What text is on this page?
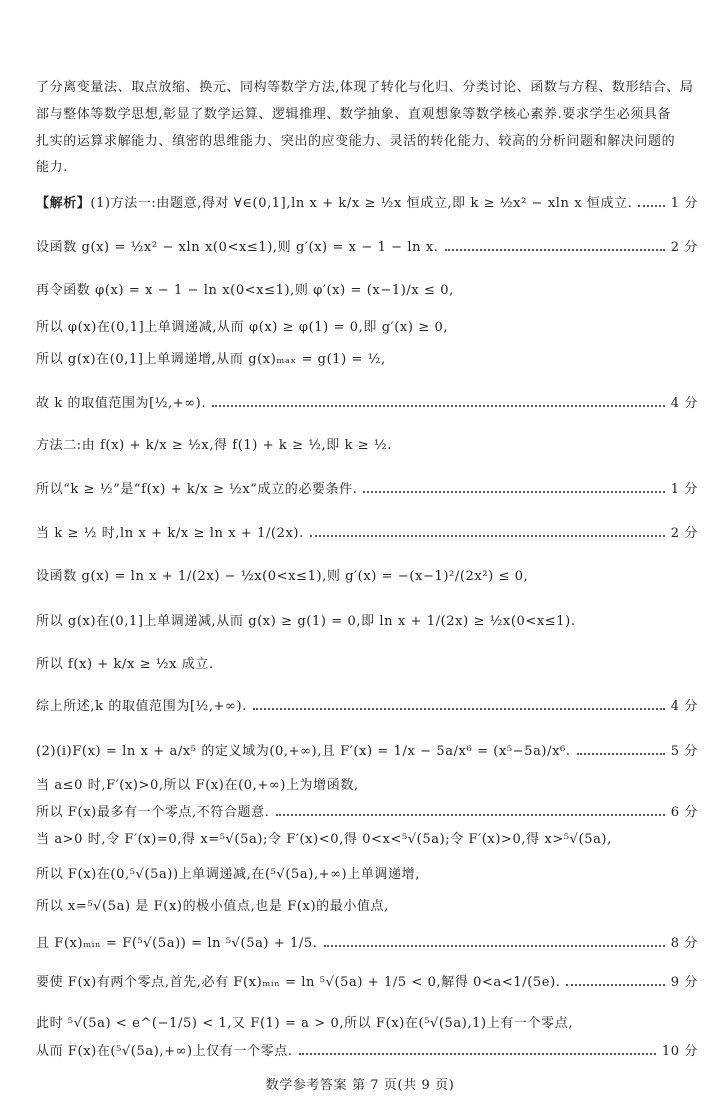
了分离变量法、取点放缩、换元、同构等数学方法,体现了转化与化归、分类讨论、函数与方程、数形结合、局
部与整体等数学思想,彰显了数学运算、逻辑推理、数学抽象、直观想象等数学核心素养.要求学生必须具备
扎实的运算求解能力、缜密的思维能力、突出的应变能力、灵活的转化能力、较高的分析问题和解决问题的
能力.
【解析】 (1)方法一:由题意,得对 ∀∈(0,1],ln x + k/x ≥ ½x 恒成立,即 k ≥ ½x² − xln x 恒成立.	1 分
设函数 g(x) = ½x² − xln x(0<x≤1),则 g′(x) = x − 1 − ln x.	2 分
再令函数 φ(x) = x − 1 − ln x(0<x≤1),则 φ′(x) = (x−1)/x ≤ 0,
所以 φ(x)在(0,1]上单调递减,从而 φ(x) ≥ φ(1) = 0,即 g′(x) ≥ 0,
所以 g(x)在(0,1]上单调递增,从而 g(x)ₘₐₓ = g(1) = ½,
故 k 的取值范围为[½,+∞).	4 分
方法二:由 f(x) + k/x ≥ ½x,得 f(1) + k ≥ ½,即 k ≥ ½.
所以“k ≥ ½”是“f(x) + k/x ≥ ½x”成立的必要条件.	1 分
当 k ≥ ½ 时,ln x + k/x ≥ ln x + 1/(2x).	2 分
设函数 g(x) = ln x + 1/(2x) − ½x(0<x≤1),则 g′(x) = −(x−1)²/(2x²) ≤ 0,
所以 g(x)在(0,1]上单调递减,从而 g(x) ≥ g(1) = 0,即 ln x + 1/(2x) ≥ ½x(0<x≤1).
所以 f(x) + k/x ≥ ½x 成立.
综上所述,k 的取值范围为[½,+∞).	4 分
(2)(i)F(x) = ln x + a/x⁵ 的定义域为(0,+∞),且 F′(x) = 1/x − 5a/x⁶ = (x⁵−5a)/x⁶.	5 分
当 a≤0 时,F′(x)>0,所以 F(x)在(0,+∞)上为增函数,
所以 F(x)最多有一个零点,不符合题意.	6 分
当 a>0 时,令 F′(x)=0,得 x=⁵√(5a);令 F′(x)<0,得 0<x<⁵√(5a);令 F′(x)>0,得 x>⁵√(5a),
所以 F(x)在(0,⁵√(5a))上单调递减,在(⁵√(5a),+∞)上单调递增,
所以 x=⁵√(5a) 是 F(x)的极小值点,也是 F(x)的最小值点,
且 F(x)ₘᵢₙ = F(⁵√(5a)) = ln ⁵√(5a) + 1/5.	8 分
要使 F(x)有两个零点,首先,必有 F(x)ₘᵢₙ = ln ⁵√(5a) + 1/5 < 0,解得 0<a<1/(5e).	9 分
此时 ⁵√(5a) < e^(−1/5) < 1,又 F(1) = a > 0,所以 F(x)在(⁵√(5a),1)上有一个零点,
从而 F(x)在(⁵√(5a),+∞)上仅有一个零点.	10 分
数学参考答案 第 7 页(共 9 页)
